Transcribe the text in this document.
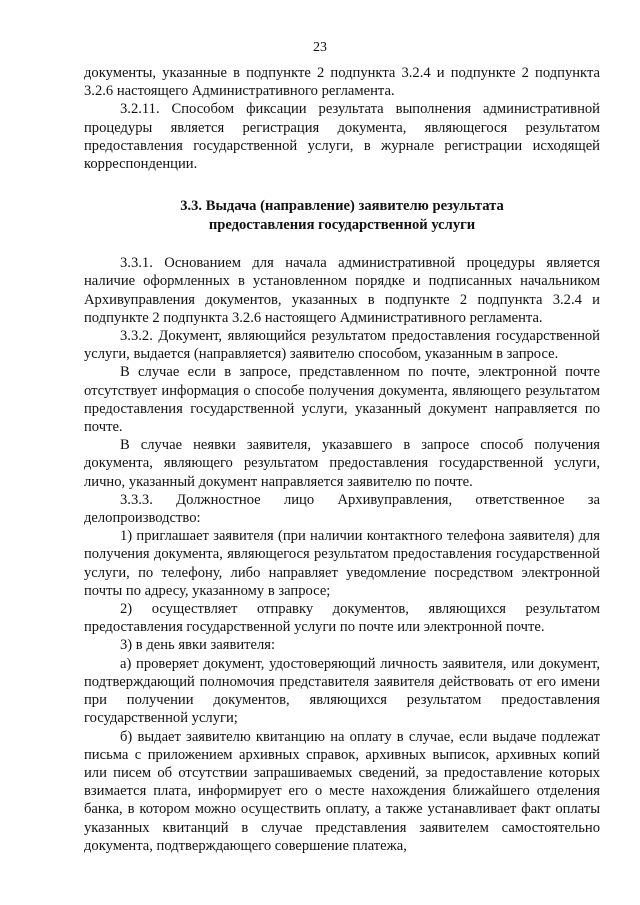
23

документы, указанные в подпункте 2 подпункта 3.2.4 и подпункте 2 подпункта 3.2.6 настоящего Административного регламента.

3.2.11. Способом фиксации результата выполнения административной процедуры является регистрация документа, являющегося результатом предоставления государственной услуги, в журнале регистрации исходящей корреспонденции.

3.3. Выдача (направление) заявителю результата
предоставления государственной услуги

3.3.1. Основанием для начала административной процедуры является наличие оформленных в установленном порядке и подписанных начальником Архивуправления документов, указанных в подпункте 2 подпункта 3.2.4 и подпункте 2 подпункта 3.2.6 настоящего Административного регламента.

3.3.2. Документ, являющийся результатом предоставления государственной услуги, выдается (направляется) заявителю способом, указанным в запросе.

В случае если в запросе, представленном по почте, электронной почте отсутствует информация о способе получения документа, являющего результатом предоставления государственной услуги, указанный документ направляется по почте.

В случае неявки заявителя, указавшего в запросе способ получения документа, являющего результатом предоставления государственной услуги, лично, указанный документ направляется заявителю по почте.

3.3.3. Должностное лицо Архивуправления, ответственное за делопроизводство:

1) приглашает заявителя (при наличии контактного телефона заявителя) для получения документа, являющегося результатом предоставления государственной услуги, по телефону, либо направляет уведомление посредством электронной почты по адресу, указанному в запросе;

2) осуществляет отправку документов, являющихся результатом предоставления государственной услуги по почте или электронной почте.

3) в день явки заявителя:

а) проверяет документ, удостоверяющий личность заявителя, или документ, подтверждающий полномочия представителя заявителя действовать от его имени при получении документов, являющихся результатом предоставления государственной услуги;

б) выдает заявителю квитанцию на оплату в случае, если выдаче подлежат письма с приложением архивных справок, архивных выписок, архивных копий или писем об отсутствии запрашиваемых сведений, за предоставление которых взимается плата, информирует его о месте нахождения ближайшего отделения банка, в котором можно осуществить оплату, а также устанавливает факт оплаты указанных квитанций в случае представления заявителем самостоятельно документа, подтверждающего совершение платежа,
